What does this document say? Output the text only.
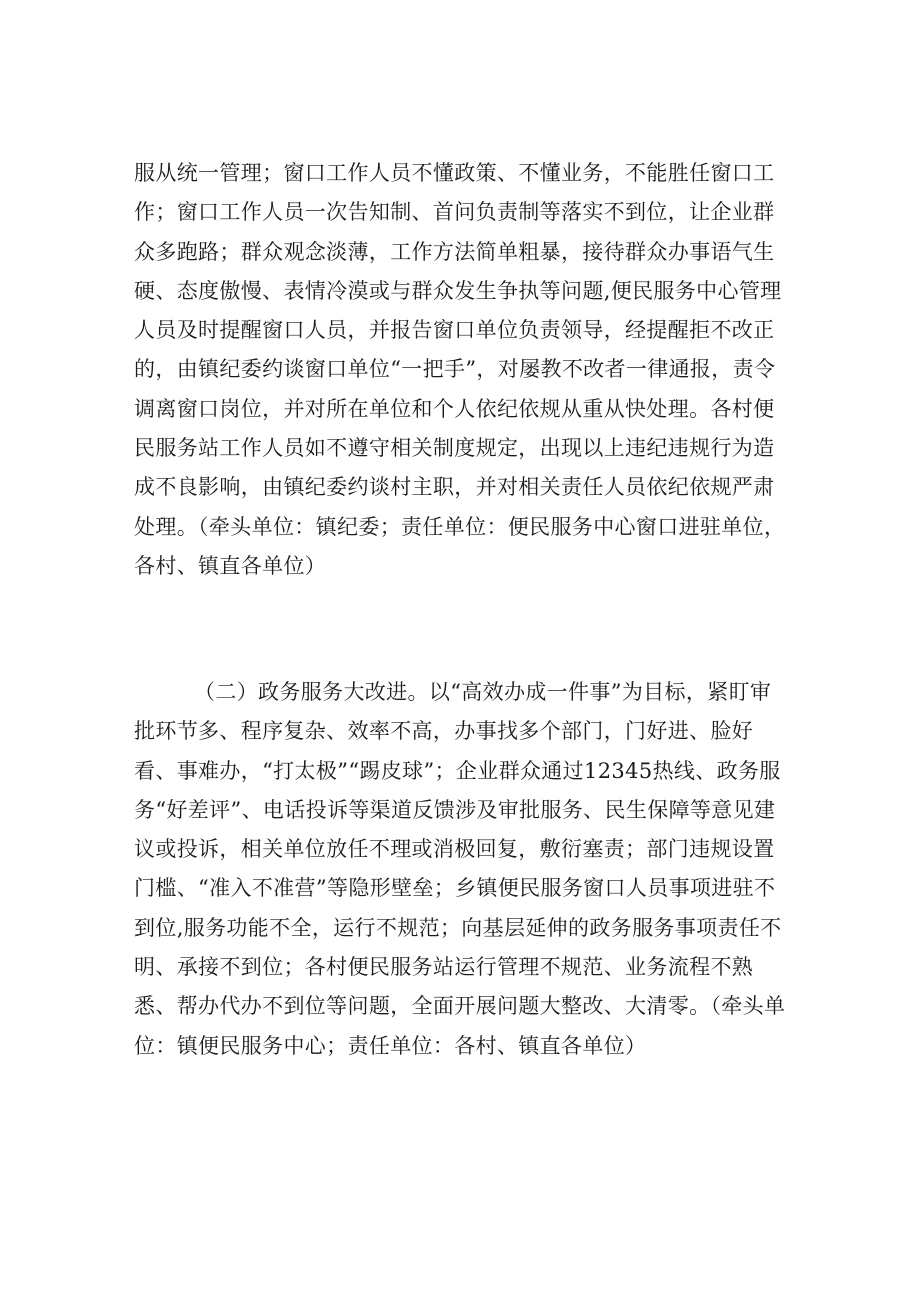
服从统一管理；窗口工作人员不懂政策、不懂业务，不能胜任窗口工作；窗口工作人员一次告知制、首问负责制等落实不到位，让企业群众多跑路；群众观念淡薄，工作方法简单粗暴，接待群众办事语气生硬、态度傲慢、表情冷漠或与群众发生争执等问题,便民服务中心管理人员及时提醒窗口人员，并报告窗口单位负责领导，经提醒拒不改正的，由镇纪委约谈窗口单位“一把手”，对屡教不改者一律通报，责令调离窗口岗位，并对所在单位和个人依纪依规从重从快处理。各村便民服务站工作人员如不遵守相关制度规定，出现以上违纪违规行为造成不良影响，由镇纪委约谈村主职，并对相关责任人员依纪依规严肃处理。（牵头单位：镇纪委；责任单位：便民服务中心窗口进驻单位，各村、镇直各单位）

（二）政务服务大改进。以“高效办成一件事”为目标，紧盯审批环节多、程序复杂、效率不高，办事找多个部门，门好进、脸好看、事难办，“打太极”“踢皮球”；企业群众通过12345热线、政务服务“好差评”、电话投诉等渠道反馈涉及审批服务、民生保障等意见建议或投诉，相关单位放任不理或消极回复，敷衍塞责；部门违规设置门槛、“准入不准营”等隐形壁垒；乡镇便民服务窗口人员事项进驻不到位,服务功能不全，运行不规范；向基层延伸的政务服务事项责任不明、承接不到位；各村便民服务站运行管理不规范、业务流程不熟悉、帮办代办不到位等问题，全面开展问题大整改、大清零。（牵头单位：镇便民服务中心；责任单位：各村、镇直各单位）
